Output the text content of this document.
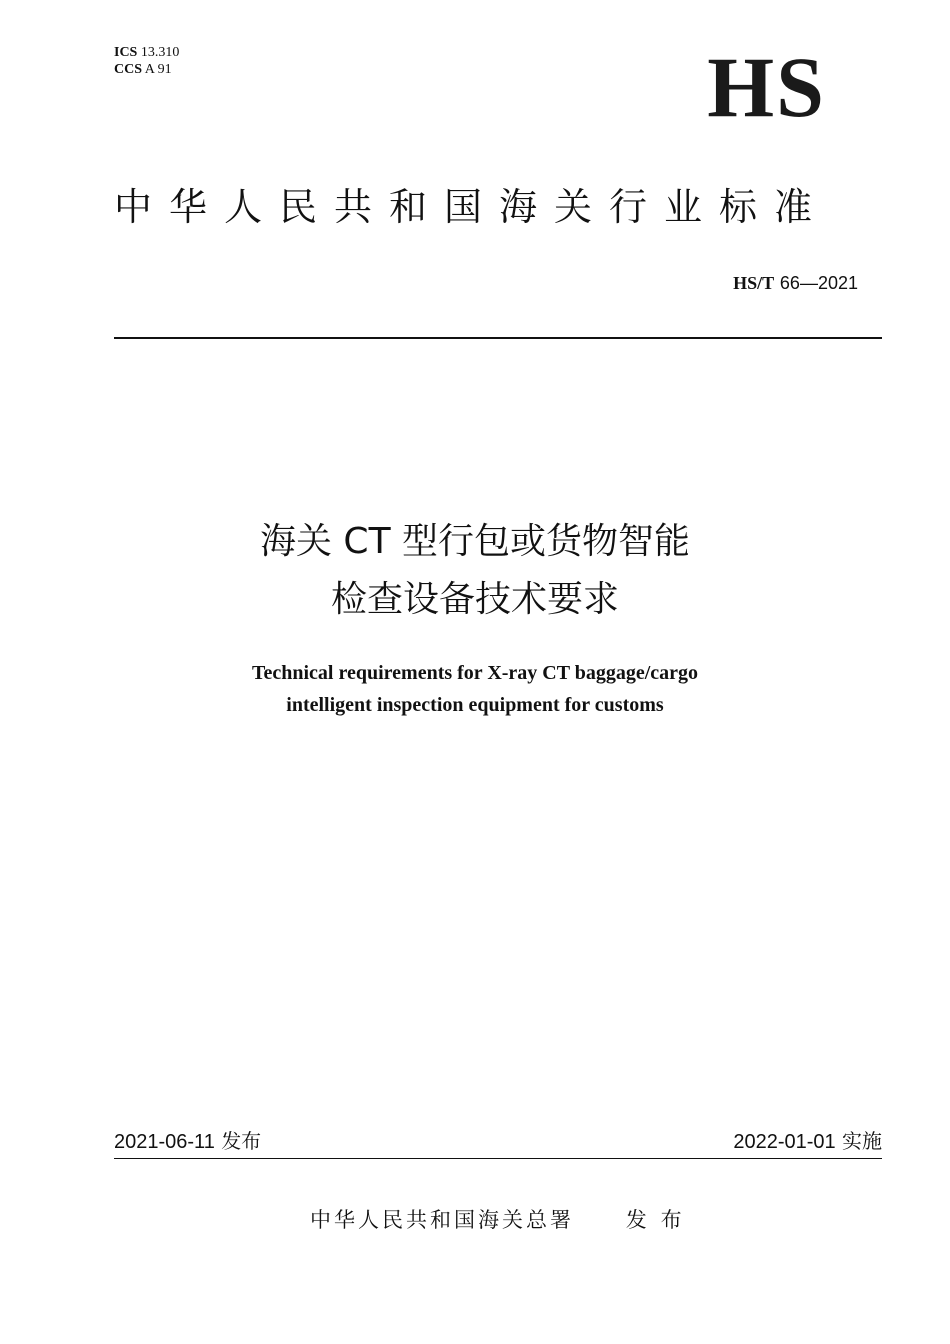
ICS 13.310
CCS A 91	HS
中华人民共和国海关行业标准
HS/T 66—2021
海关 CT 型行包或货物智能
检查设备技术要求
Technical requirements for X-ray CT baggage/cargo
intelligent inspection equipment for customs
2021-06-11 发布	2022-01-01 实施
中华人民共和国海关总署 发布
